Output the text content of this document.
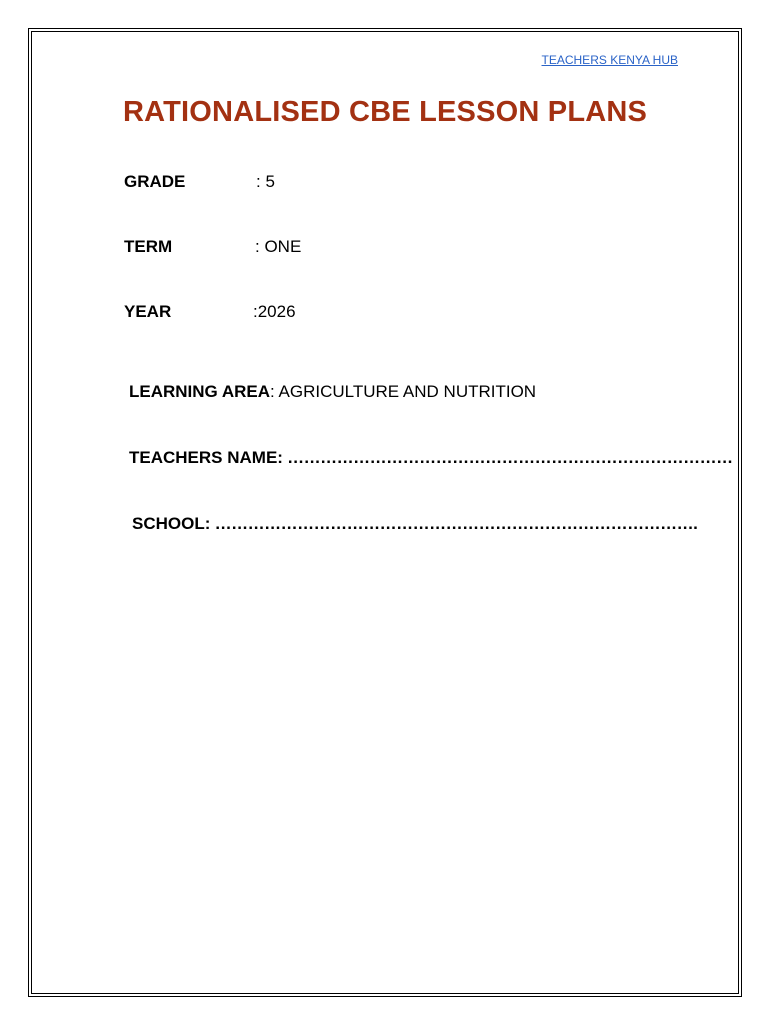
TEACHERS KENYA HUB
RATIONALISED CBE LESSON PLANS
GRADE	: 5
TERM	: ONE
YEAR	:2026
LEARNING AREA: AGRICULTURE AND NUTRITION
TEACHERS NAME: ………………………………………………………………………
SCHOOL: …………………………………………………………………………….
